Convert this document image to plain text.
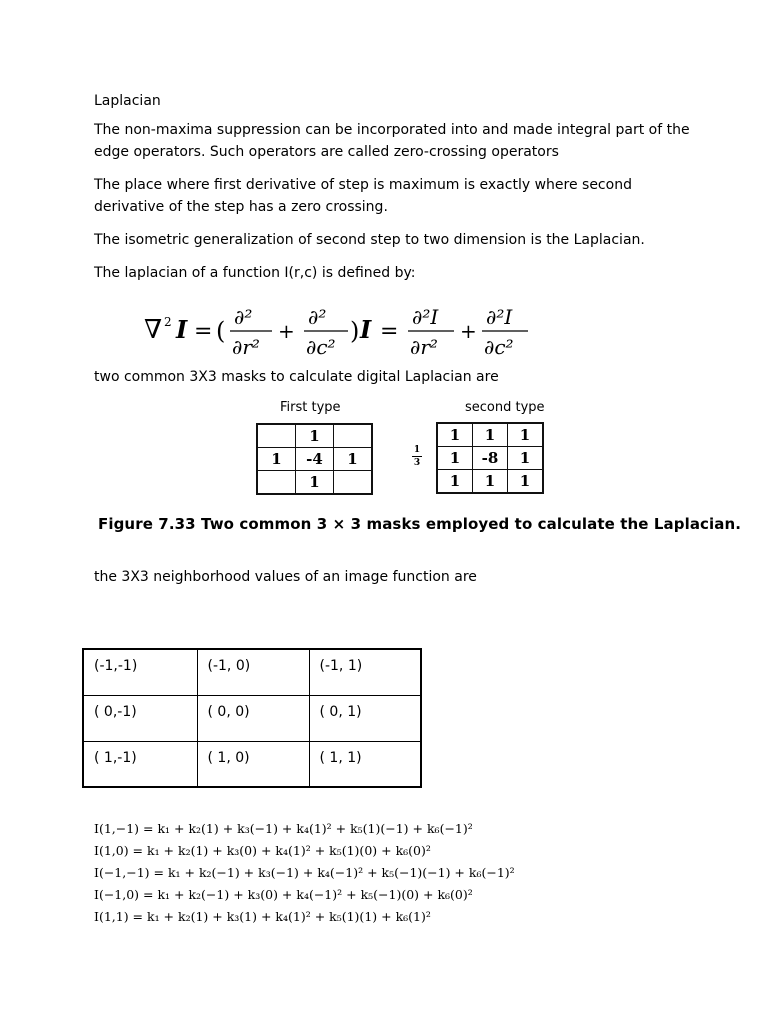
Laplacian

The non-maxima suppression can be incorporated into and made integral part of the edge operators. Such operators are called zero-crossing operators

The place where first derivative of step is maximum is exactly where second derivative of the step has a zero crossing.

The isometric generalization of second step to two dimension is the Laplacian.

The laplacian of a function I(r,c) is defined by:

∇ 2 I = ( ∂²
∂r²
+
∂²
∂c²
) I =
∂²I
∂r²
+
∂²I
∂c²

two common 3X3 masks to calculate digital Laplacian are

First type	second type
	1	
1	-4	1
	1	
1
3
1	1	1
1	-8	1
1	1	1
Figure 7.33 Two common 3 × 3 masks employed to calculate the Laplacian.

the 3X3 neighborhood values of an image function are

(-1,-1)	(-1, 0)	(-1, 1)
( 0,-1)	( 0, 0)	( 0, 1)
( 1,-1)	( 1, 0)	( 1, 1)
I(1,−1) = k₁ + k₂(1) + k₃(−1) + k₄(1)² + k₅(1)(−1) + k₆(−1)²
I(1,0) = k₁ + k₂(1) + k₃(0) + k₄(1)² + k₅(1)(0) + k₆(0)²
I(−1,−1) = k₁ + k₂(−1) + k₃(−1) + k₄(−1)² + k₅(−1)(−1) + k₆(−1)²
I(−1,0) = k₁ + k₂(−1) + k₃(0) + k₄(−1)² + k₅(−1)(0) + k₆(0)²
I(1,1) = k₁ + k₂(1) + k₃(1) + k₄(1)² + k₅(1)(1) + k₆(1)²
